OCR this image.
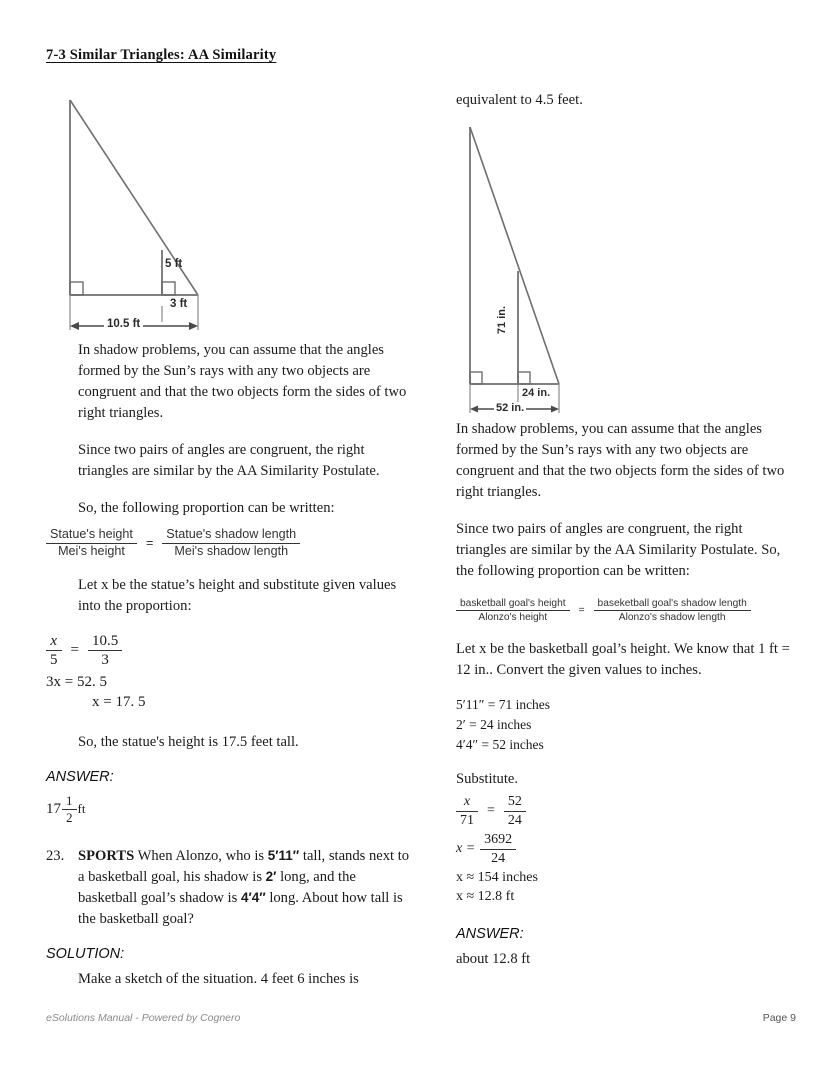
7-3 Similar Triangles: AA Similarity
5 ft
3 ft
10.5 ft
In shadow problems, you can assume that the angles formed by the Sun’s rays with any two objects are congruent and that the two objects form the sides of two right triangles.
Since two pairs of angles are congruent, the right triangles are similar by the AA Similarity Postulate.
So, the following proportion can be written:
$\frac{\text{Statue's height}}{\text{Mei's height}} = \frac{\text{Statue's shadow length}}{\text{Mei's shadow length}}$
Let x be the statue’s height and substitute given values into the proportion:
$\frac{x}{5} = \frac{10.5}{3}$
3x = 52. 5
x = 17. 5
So, the statue's height is 17.5 feet tall.
ANSWER:
$17 \frac{1}{2}$ ft
23. SPORTS When Alonzo, who is 5′11″ tall, stands next to a basketball goal, his shadow is 2′ long, and the basketball goal’s shadow is 4′4″ long. About how tall is the basketball goal?
SOLUTION:
Make a sketch of the situation. 4 feet 6 inches is
equivalent to 4.5 feet.
71 in.
24 in.
52 in.
In shadow problems, you can assume that the angles formed by the Sun’s rays with any two objects are congruent and that the two objects form the sides of two right triangles.
Since two pairs of angles are congruent, the right triangles are similar by the AA Similarity Postulate. So, the following proportion can be written:
$\frac{\text{basketball goal's height}}{\text{Alonzo's height}} = \frac{\text{baseketball goal's shadow length}}{\text{Alonzo's shadow length}}$
Let x be the basketball goal’s height. We know that 1 ft = 12 in.. Convert the given values to inches.
5′11″ = 71 inches
2′ = 24 inches
4′4″ = 52 inches
Substitute.
$\frac{x}{71} = \frac{52}{24}$
$x = \frac{3692}{24}$
x ≈ 154 inches
x ≈ 12.8 ft
ANSWER:
about 12.8 ft
eSolutions Manual - Powered by Cognero	Page 9
